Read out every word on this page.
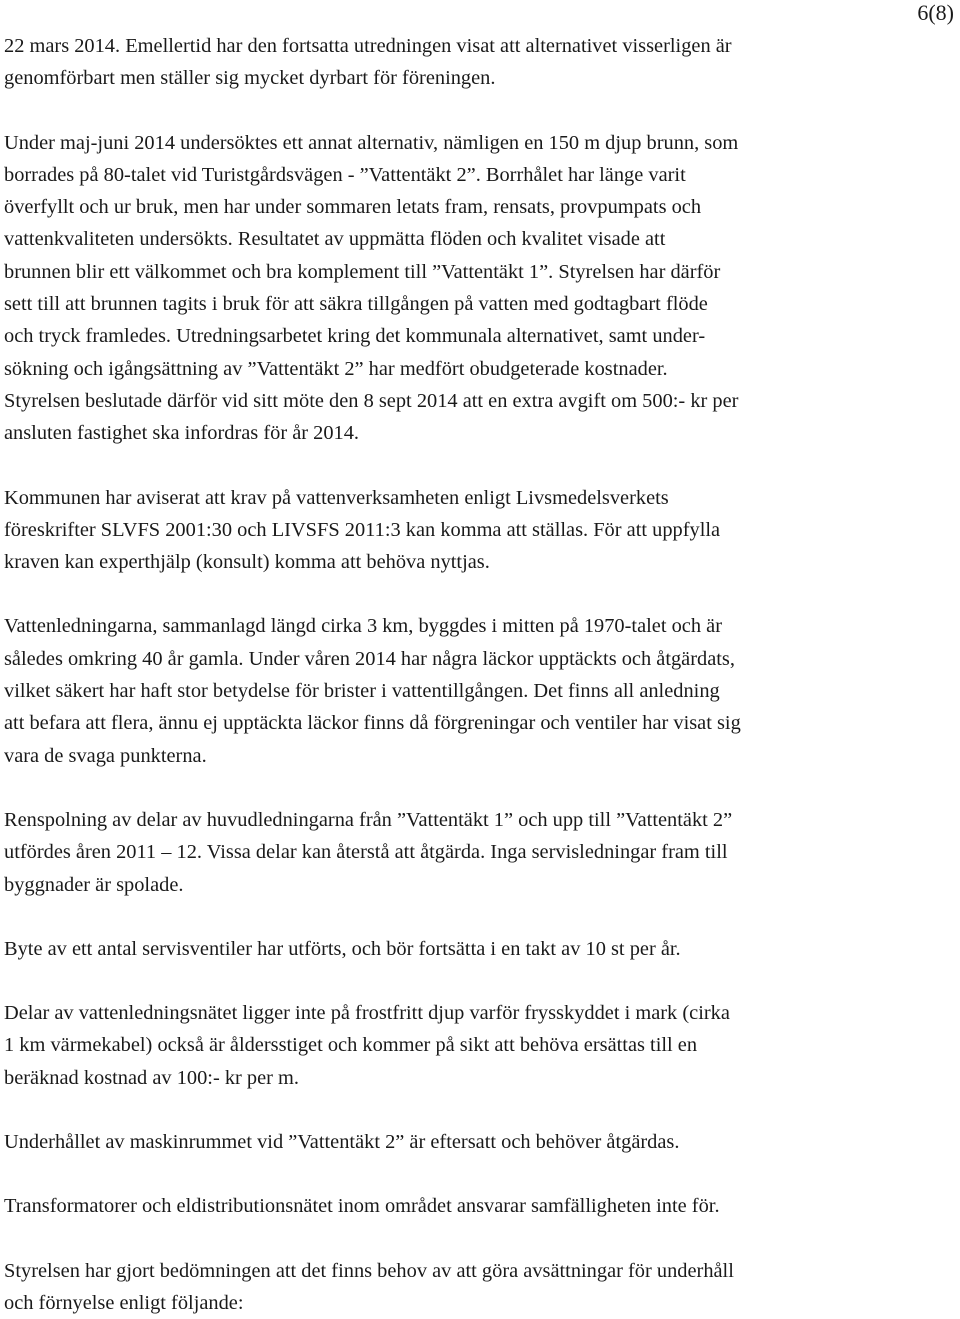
6(8)

22 mars 2014. Emellertid har den fortsatta utredningen visat att alternativet visserligen är
genomförbart men ställer sig mycket dyrbart för föreningen.

Under maj-juni 2014 undersöktes ett annat alternativ, nämligen en 150 m djup brunn, som
borrades på 80-talet vid Turistgårdsvägen - ”Vattentäkt 2”. Borrhålet har länge varit
överfyllt och ur bruk, men har under sommaren letats fram, rensats, provpumpats och
vattenkvaliteten undersökts. Resultatet av uppmätta flöden och kvalitet visade att
brunnen blir ett välkommet och bra komplement till ”Vattentäkt 1”. Styrelsen har därför
sett till att brunnen tagits i bruk för att säkra tillgången på vatten med godtagbart flöde
och tryck framledes. Utredningsarbetet kring det kommunala alternativet, samt under-
sökning och igångsättning av ”Vattentäkt 2” har medfört obudgeterade kostnader.
Styrelsen beslutade därför vid sitt möte den 8 sept 2014 att en extra avgift om 500:- kr per
ansluten fastighet ska infordras för år 2014.

Kommunen har aviserat att krav på vattenverksamheten enligt Livsmedelsverkets
föreskrifter SLVFS 2001:30 och LIVSFS 2011:3 kan komma att ställas. För att uppfylla
kraven kan experthjälp (konsult) komma att behöva nyttjas.

Vattenledningarna, sammanlagd längd cirka 3 km, byggdes i mitten på 1970-talet och är
således omkring 40 år gamla. Under våren 2014 har några läckor upptäckts och åtgärdats,
vilket säkert har haft stor betydelse för brister i vattentillgången. Det finns all anledning
att befara att flera, ännu ej upptäckta läckor finns då förgreningar och ventiler har visat sig
vara de svaga punkterna.

Renspolning av delar av huvudledningarna från ”Vattentäkt 1” och upp till ”Vattentäkt 2”
utfördes åren 2011 – 12. Vissa delar kan återstå att åtgärda. Inga servisledningar fram till
byggnader är spolade.

Byte av ett antal servisventiler har utförts, och bör fortsätta i en takt av 10 st per år.

Delar av vattenledningsnätet ligger inte på frostfritt djup varför frysskyddet i mark (cirka
1 km värmekabel) också är åldersstiget och kommer på sikt att behöva ersättas till en
beräknad kostnad av 100:- kr per m.

Underhållet av maskinrummet vid ”Vattentäkt 2” är eftersatt och behöver åtgärdas.

Transformatorer och eldistributionsnätet inom området ansvarar samfälligheten inte för.

Styrelsen har gjort bedömningen att det finns behov av att göra avsättningar för underhåll
och förnyelse enligt följande:
